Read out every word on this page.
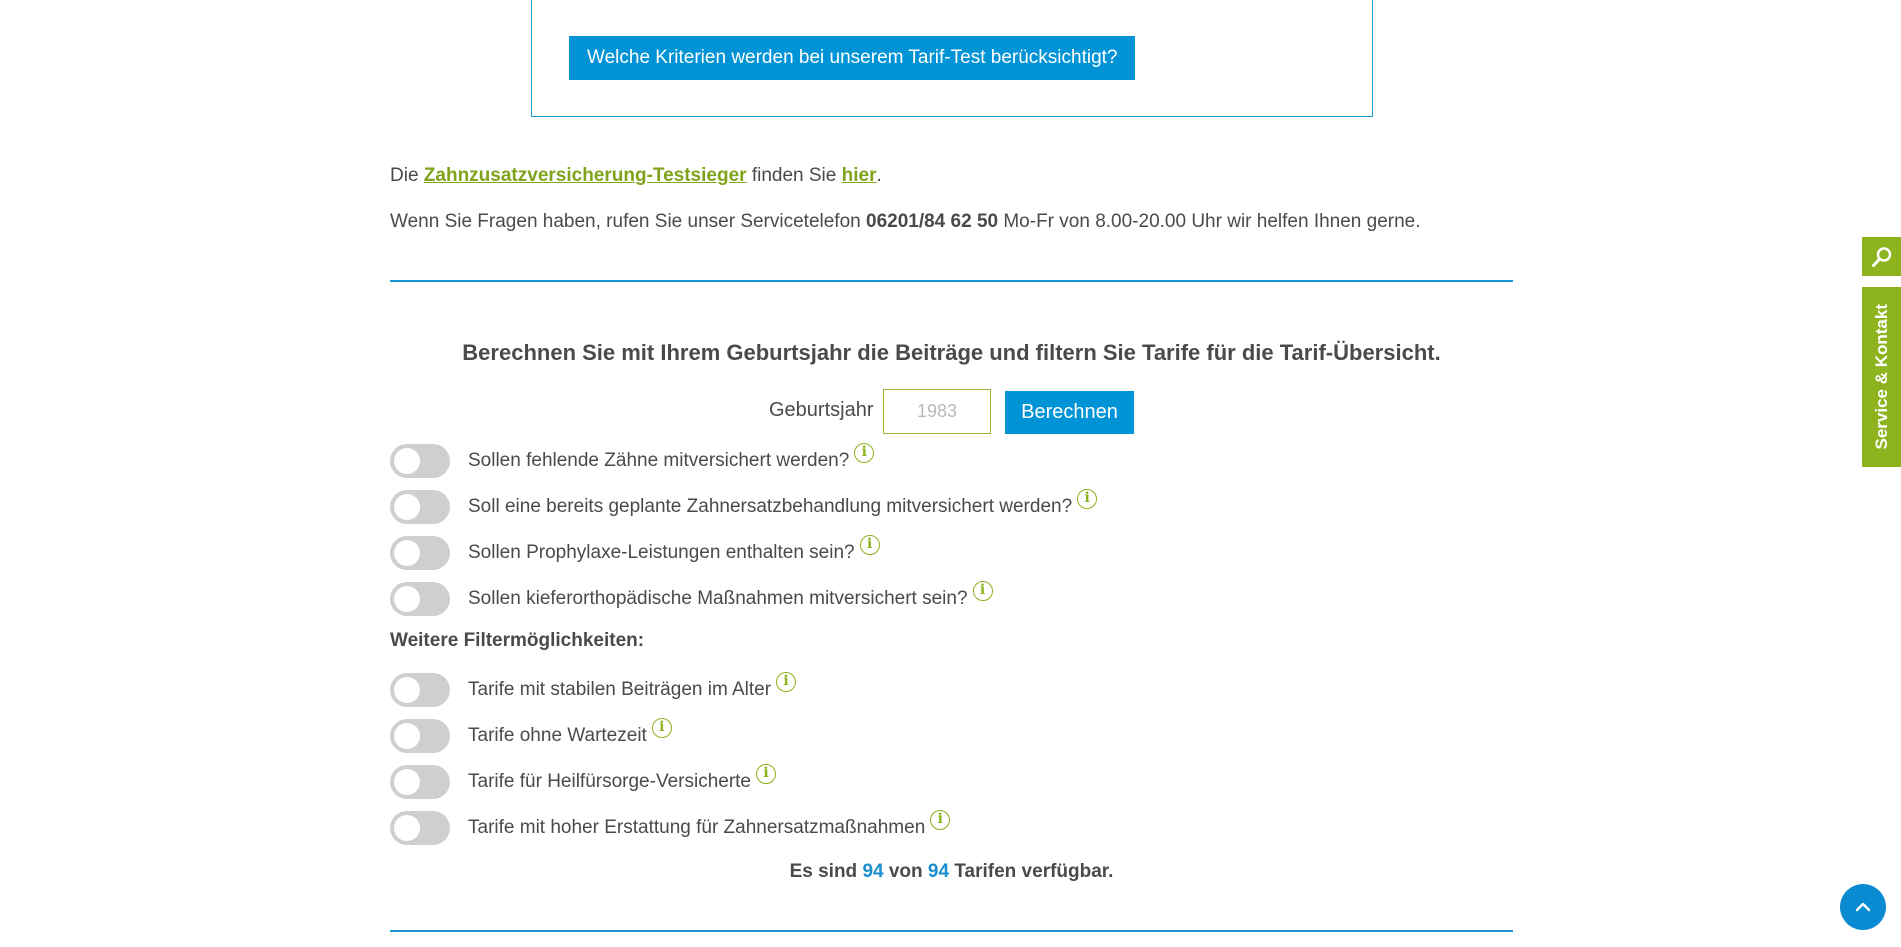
Welche Kriterien werden bei unserem Tarif-Test berücksichtigt?
Die Zahnzusatzversicherung-Testsieger finden Sie hier.
Wenn Sie Fragen haben, rufen Sie unser Servicetelefon 06201/84 62 50 Mo-Fr von 8.00-20.00 Uhr wir helfen Ihnen gerne.
Berechnen Sie mit Ihrem Geburtsjahr die Beiträge und filtern Sie Tarife für die Tarif-Übersicht.
Geburtsjahr
1983	Berechnen
Sollen fehlende Zähne mitversichert werden? i
Soll eine bereits geplante Zahnersatzbehandlung mitversichert werden? i
Sollen Prophylaxe-Leistungen enthalten sein? i
Sollen kieferorthopädische Maßnahmen mitversichert sein? i
Weitere Filtermöglichkeiten:
Tarife mit stabilen Beiträgen im Alter i
Tarife ohne Wartezeit i
Tarife für Heilfürsorge-Versicherte i
Tarife mit hoher Erstattung für Zahnersatzmaßnahmen i
Es sind 94 von 94 Tarifen verfügbar.
Service & Kontakt
